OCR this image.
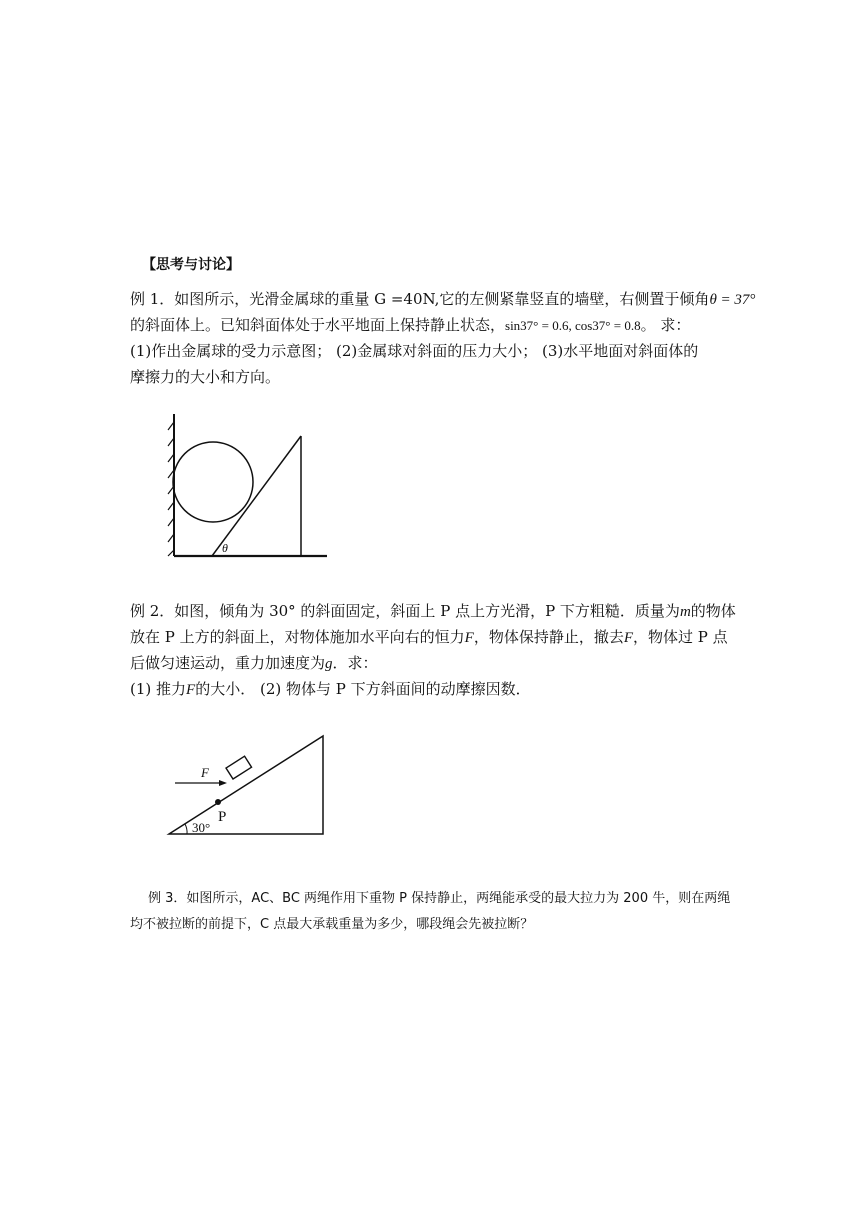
【思考与讨论】
例 1．如图所示，光滑金属球的重量 G =40N,它的左侧紧靠竖直的墙壁，右侧置于倾角θ = 37°
的斜面体上。已知斜面体处于水平地面上保持静止状态，sin37° = 0.6, cos37° = 0.8。 求：
(1)作出金属球的受力示意图； (2)金属球对斜面的压力大小； (3)水平地面对斜面体的
摩擦力的大小和方向。
θ
例 2．如图，倾角为 30° 的斜面固定，斜面上 P 点上方光滑，P 下方粗糙．质量为m的物体
放在 P 上方的斜面上，对物体施加水平向右的恒力F，物体保持静止，撤去F，物体过 P 点
后做匀速运动，重力加速度为g．求：
(1) 推力F的大小． (2) 物体与 P 下方斜面间的动摩擦因数．
F
P
30°
例 3．如图所示，AC、BC 两绳作用下重物 P 保持静止，两绳能承受的最大拉力为 200 牛，则在两绳
均不被拉断的前提下，C 点最大承载重量为多少，哪段绳会先被拉断？
